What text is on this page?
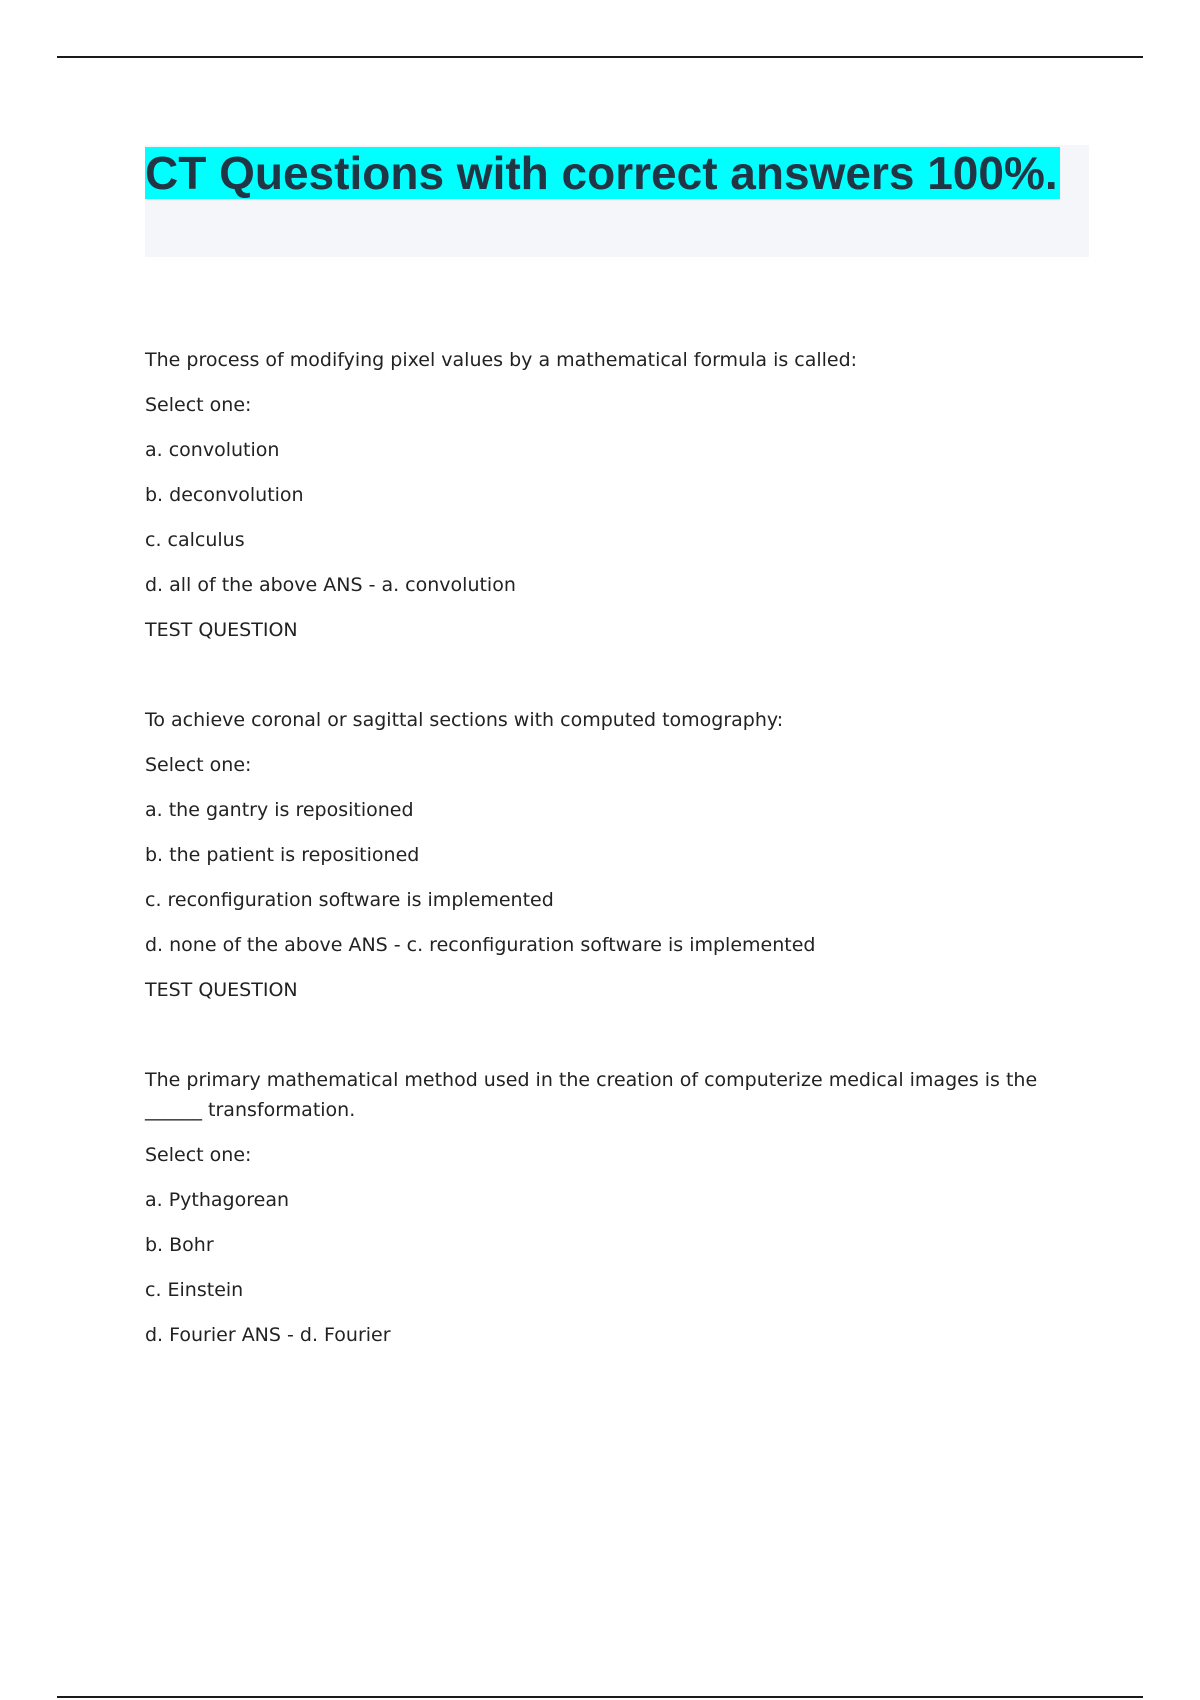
CT Questions with correct answers 100%.

The process of modifying pixel values by a mathematical formula is called:

Select one:

a. convolution

b. deconvolution

c. calculus

d. all of the above ANS - a. convolution

TEST QUESTION

To achieve coronal or sagittal sections with computed tomography:

Select one:

a. the gantry is repositioned

b. the patient is repositioned

c. reconfiguration software is implemented

d. none of the above ANS - c. reconfiguration software is implemented

TEST QUESTION

The primary mathematical method used in the creation of computerize medical images is the ______ transformation.

Select one:

a. Pythagorean

b. Bohr

c. Einstein

d. Fourier ANS - d. Fourier
